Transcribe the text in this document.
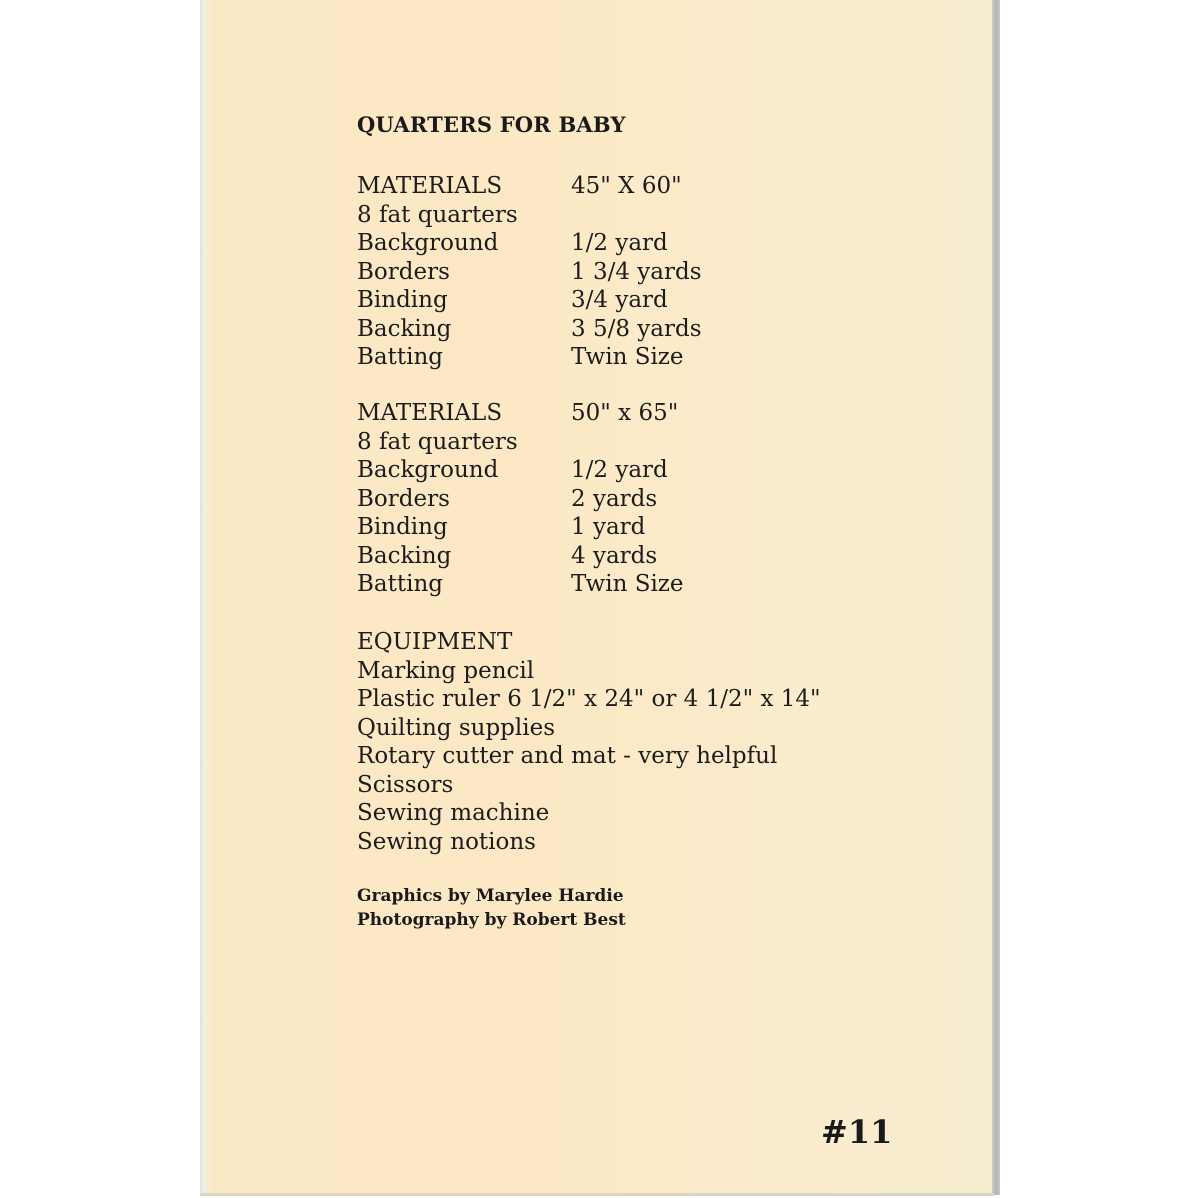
QUARTERS FOR BABY
MATERIALS	45" X 60"
8 fat quarters
Background	1/2 yard
Borders	1 3/4 yards
Binding	3/4 yard
Backing	3 5/8 yards
Batting	Twin Size
MATERIALS	50" x 65"
8 fat quarters
Background	1/2 yard
Borders	2 yards
Binding	1 yard
Backing	4 yards
Batting	Twin Size
EQUIPMENT
Marking pencil
Plastic ruler 6 1/2" x 24" or 4 1/2" x 14"
Quilting supplies
Rotary cutter and mat - very helpful
Scissors
Sewing machine
Sewing notions
Graphics by Marylee Hardie
Photography by Robert Best
#11
